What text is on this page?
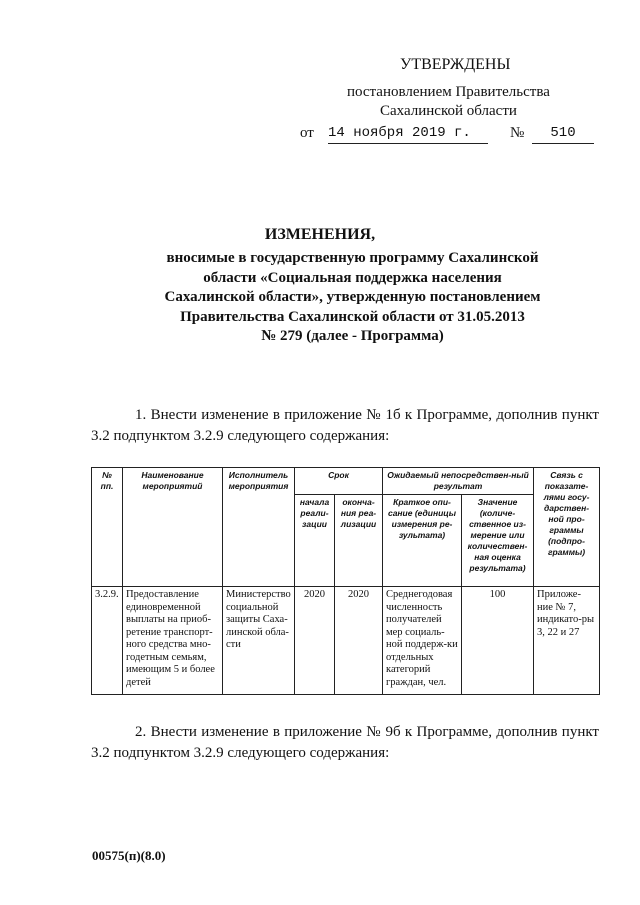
УТВЕРЖДЕНЫ
постановлением Правительства
Сахалинской области
от 14 ноября 2019 г.	№	510
ИЗМЕНЕНИЯ,
вносимые в государственную программу Сахалинской
области «Социальная поддержка населения
Сахалинской области», утвержденную постановлением
Правительства Сахалинской области от 31.05.2013
№ 279 (далее - Программа)
1. Внести изменение в приложение № 1б к Программе, дополнив пункт 3.2 подпунктом 3.2.9 следующего содержания:
№ пп.	Наименование мероприятий	Исполнитель мероприятия	Срок		Ожидаемый непосредствен-ный результат		Связь с показате-лями госу-дарствен-ной про-граммы (подпро-граммы)
			начала реали-зации	оконча-ния реа-лизации	Краткое опи-сание (единицы измерения ре-зультата)	Значение (количе-ственное из-мерение или количествен-ная оценка результата)	
3.2.9.	Предоставление единовременной выплаты на приоб-ретение транспорт-ного средства мно-годетным семьям, имеющим 5 и более детей	Министерство социальной защиты Саха-линской обла-сти	2020	2020	Среднегодовая численность получателей мер социаль-ной поддерж-ки отдельных категорий граждан, чел.	100	Приложе-ние № 7, индикато-ры 3, 22 и 27
2. Внести изменение в приложение № 9б к Программе, дополнив пункт 3.2 подпунктом 3.2.9 следующего содержания:
00575(п)(8.0)
